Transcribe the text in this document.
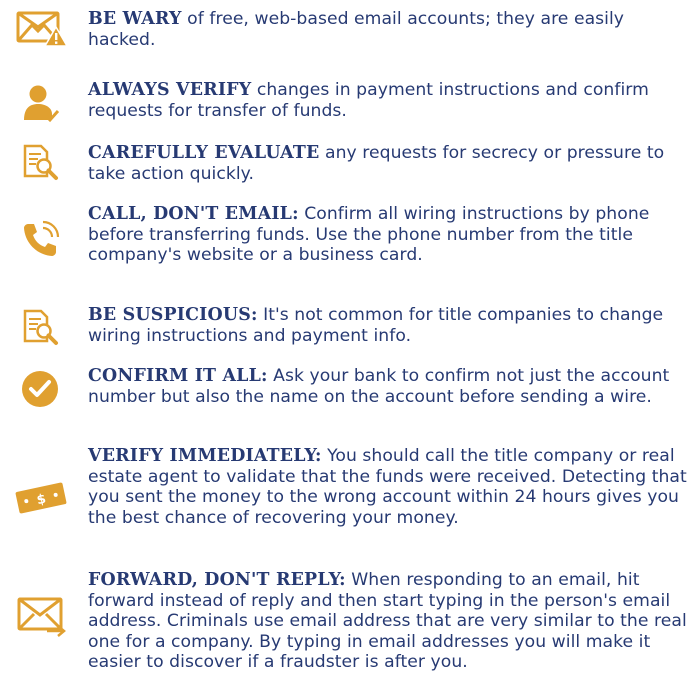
BE WARY of free, web-based email accounts; they are easily hacked.

ALWAYS VERIFY changes in payment instructions and confirm requests for transfer of funds.

CAREFULLY EVALUATE any requests for secrecy or pressure to take action quickly.

CALL, DON'T EMAIL: Confirm all wiring instructions by phone before transferring funds. Use the phone number from the title company's website or a business card.

BE SUSPICIOUS: It's not common for title companies to change wiring instructions and payment info.

CONFIRM IT ALL: Ask your bank to confirm not just the account number but also the name on the account before sending a wire.

$

VERIFY IMMEDIATELY: You should call the title company or real estate agent to validate that the funds were received. Detecting that you sent the money to the wrong account within 24 hours gives you the best chance of recovering your money.

FORWARD, DON'T REPLY: When responding to an email, hit forward instead of reply and then start typing in the person's email address. Criminals use email address that are very similar to the real one for a company. By typing in email addresses you will make it easier to discover if a fraudster is after you.
